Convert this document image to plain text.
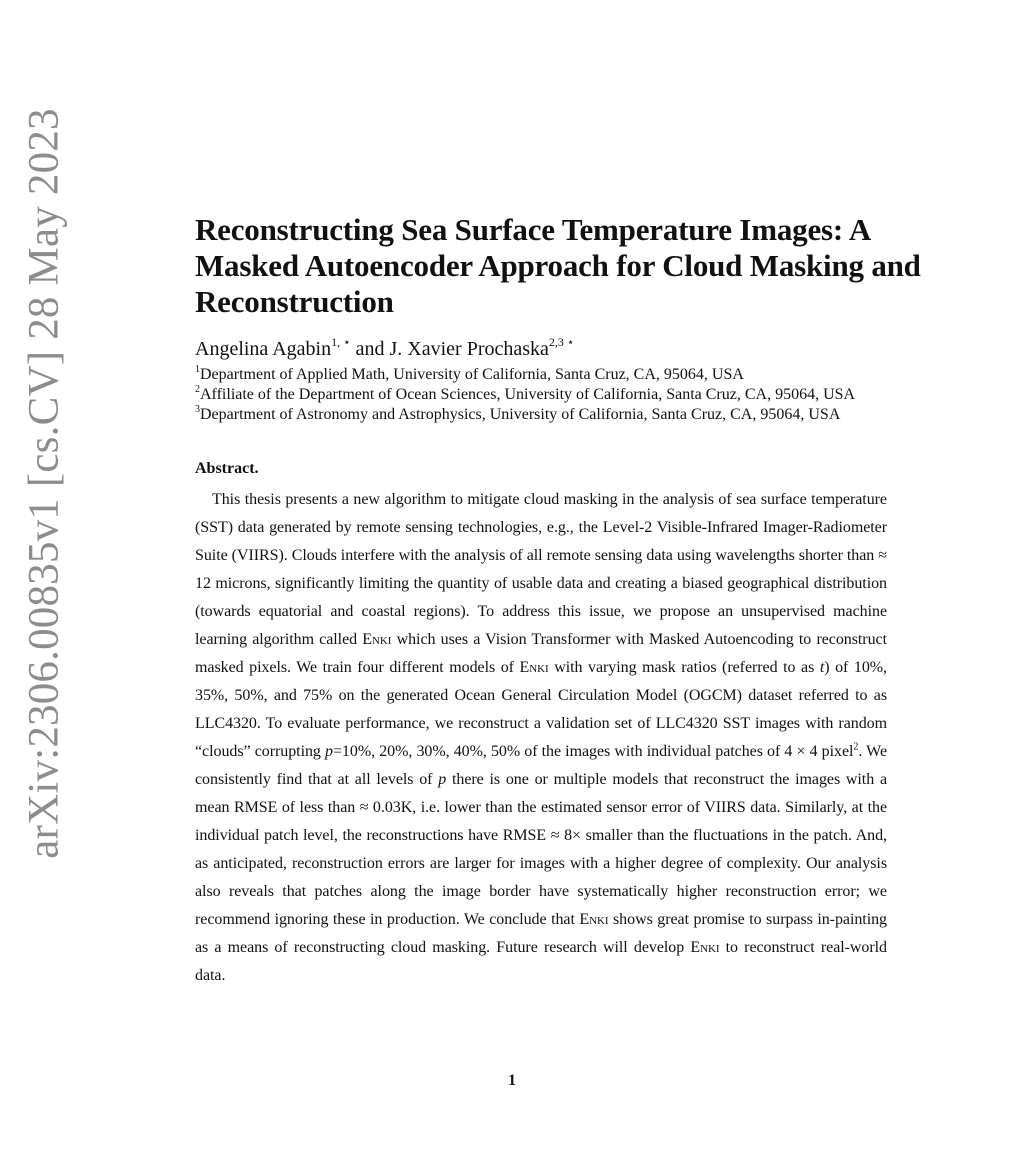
arXiv:2306.00835v1 [cs.CV] 28 May 2023	Reconstructing Sea Surface Temperature Images: A
Masked Autoencoder Approach for Cloud Masking and
Reconstruction
Angelina Agabin$^{1, ⋆}$ and J. Xavier Prochaska$^{2,3 ⋆}$
$^1$Department of Applied Math, University of California, Santa Cruz, CA, 95064, USA
$^2$Affiliate of the Department of Ocean Sciences, University of California, Santa Cruz, CA, 95064, USA
$^3$Department of Astronomy and Astrophysics, University of California, Santa Cruz, CA, 95064, USA
Abstract.

This thesis presents a new algorithm to mitigate cloud masking in the analysis of sea surface temperature (SST) data generated by remote sensing technologies, e.g., the Level-2 Visible-Infrared Imager-Radiometer Suite (VIIRS). Clouds interfere with the analysis of all remote sensing data using wavelengths shorter than ≈ 12 microns, significantly limiting the quantity of usable data and creating a biased geographical distribution (towards equatorial and coastal regions). To address this issue, we propose an unsupervised machine learning algorithm called Enki which uses a Vision Transformer with Masked Autoencoding to reconstruct masked pixels. We train four different models of Enki with varying mask ratios (referred to as t) of 10%, 35%, 50%, and 75% on the generated Ocean General Circulation Model (OGCM) dataset referred to as LLC4320. To evaluate performance, we reconstruct a validation set of LLC4320 SST images with random “clouds” corrupting p=10%, 20%, 30%, 40%, 50% of the images with individual patches of 4 × 4 pixel$^2$. We consistently find that at all levels of p there is one or multiple models that reconstruct the images with a mean RMSE of less than ≈ 0.03K, i.e. lower than the estimated sensor error of VIIRS data. Similarly, at the individual patch level, the reconstructions have RMSE ≈ 8× smaller than the fluctuations in the patch. And, as anticipated, reconstruction errors are larger for images with a higher degree of complexity. Our analysis also reveals that patches along the image border have systematically higher reconstruction error; we recommend ignoring these in production. We conclude that Enki shows great promise to surpass in-painting as a means of reconstructing cloud masking. Future research will develop Enki to reconstruct real-world data.

1
